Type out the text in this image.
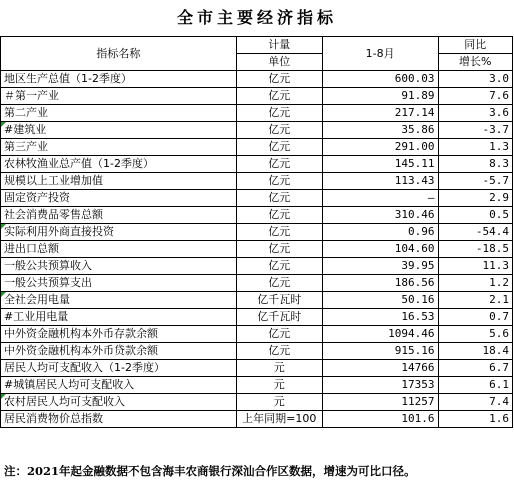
全市主要经济指标
指标名称	计量	1-8月	同比
	单位		增长%
地区生产总值（1-2季度）	亿元	600.03	3.0
＃第一产业	亿元	91.89	7.6
第二产业	亿元	217.14	3.6

#建筑业	亿元	35.86	-3.7
第三产业	亿元	291.00	1.3
农林牧渔业总产值（1-2季度）	亿元	145.11	8.3
规模以上工业增加值	亿元	113.43	-5.7
固定资产投资	亿元	—	2.9
社会消费品零售总额	亿元	310.46	0.5

实际利用外商直接投资	亿元	0.96	-54.4
进出口总额	亿元	104.60	-18.5
一般公共预算收入	亿元	39.95	11.3
一般公共预算支出	亿元	186.56	1.2

全社会用电量	亿千瓦时	50.16	2.1
#工业用电量	亿千瓦时	16.53	0.7
中外资金融机构本外币存款余额	亿元	1094.46	5.6
中外资金融机构本外币贷款余额	亿元	915.16	18.4
居民人均可支配收入（1-2季度）	元	14766	6.7
#城镇居民人均可支配收入	元	17353	6.1

农村居民人均可支配收入	元	11257	7.4
居民消费物价总指数	上年同期=100	101.6	1.6
注：2021年起金融数据不包含海丰农商银行深汕合作区数据，增速为可比口径。
